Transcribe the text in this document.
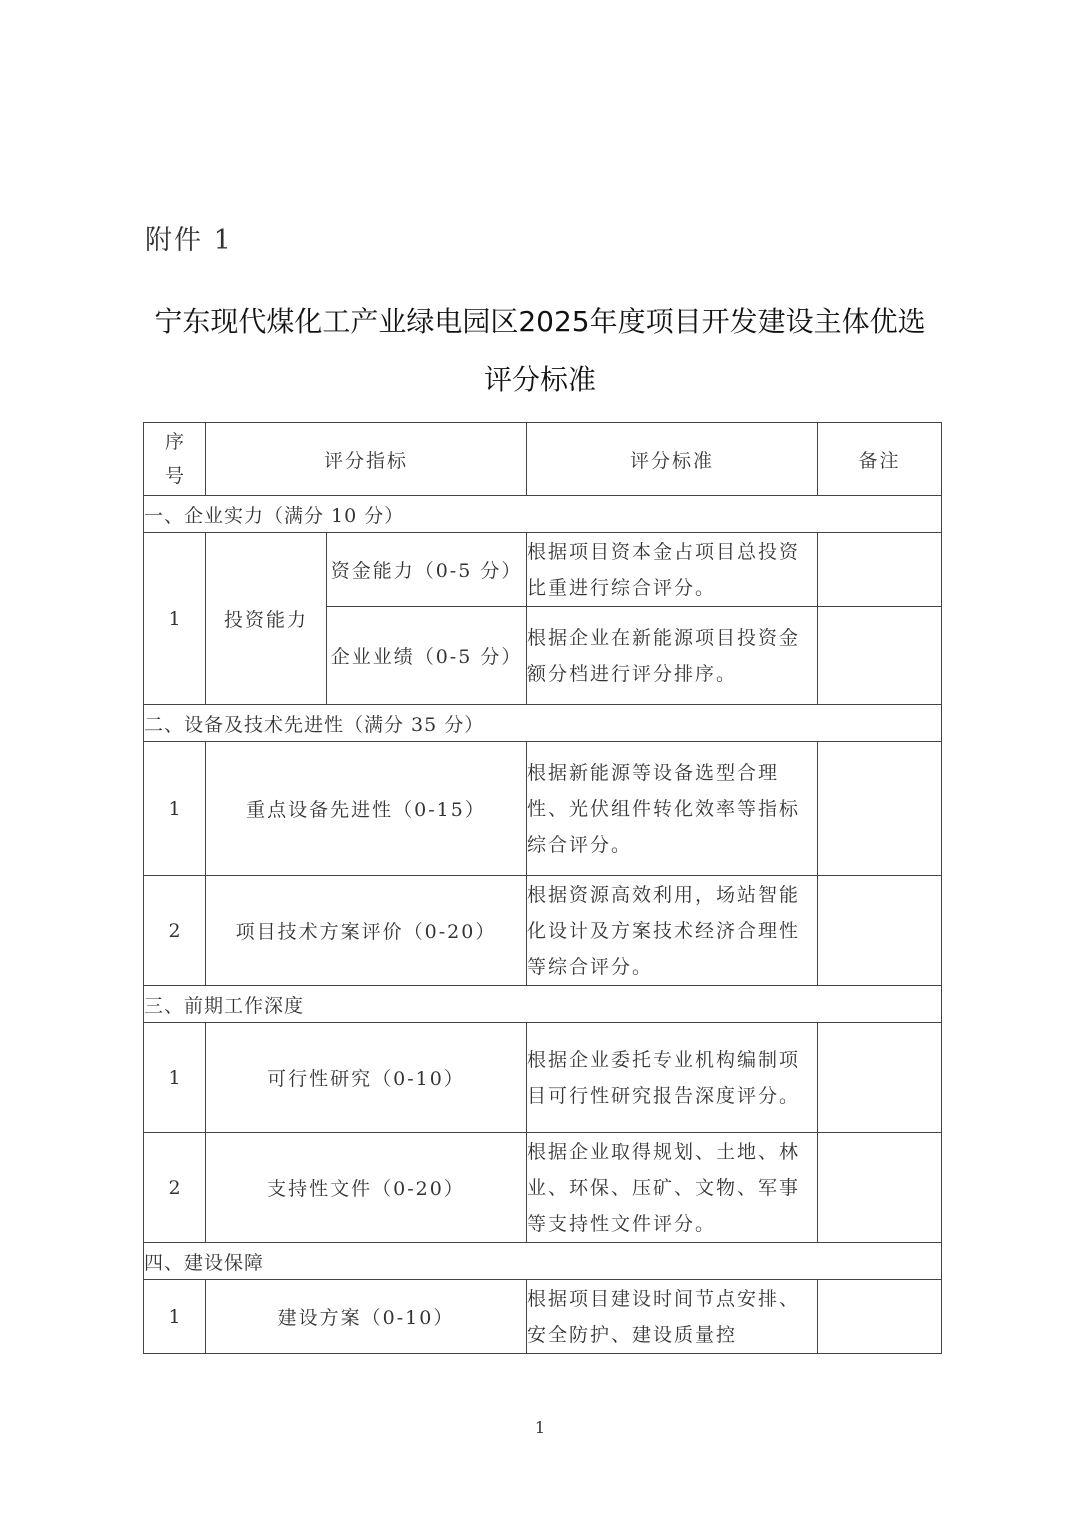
附件 1
宁东现代煤化工产业绿电园区2025年度项目开发建设主体优选
评分标准
序
号	评分指标		评分标准	备注
一、企业实力（满分 10 分）				
1	投资能力	资金能力（0-5 分）	根据项目资本金占项目总投资比重进行综合评分。	
		企业业绩（0-5 分）	根据企业在新能源项目投资金额分档进行评分排序。	
二、设备及技术先进性（满分 35 分）				
1	重点设备先进性（0-15）		根据新能源等设备选型合理性、光伏组件转化效率等指标综合评分。	
2	项目技术方案评价（0-20）		根据资源高效利用，场站智能化设计及方案技术经济合理性等综合评分。	
三、前期工作深度				
1	可行性研究（0-10）		根据企业委托专业机构编制项目可行性研究报告深度评分。	
2	支持性文件（0-20）		根据企业取得规划、土地、林业、环保、压矿、文物、军事等支持性文件评分。	
四、建设保障				
1	建设方案（0-10）		根据项目建设时间节点安排、安全防护、建设质量控	
1
